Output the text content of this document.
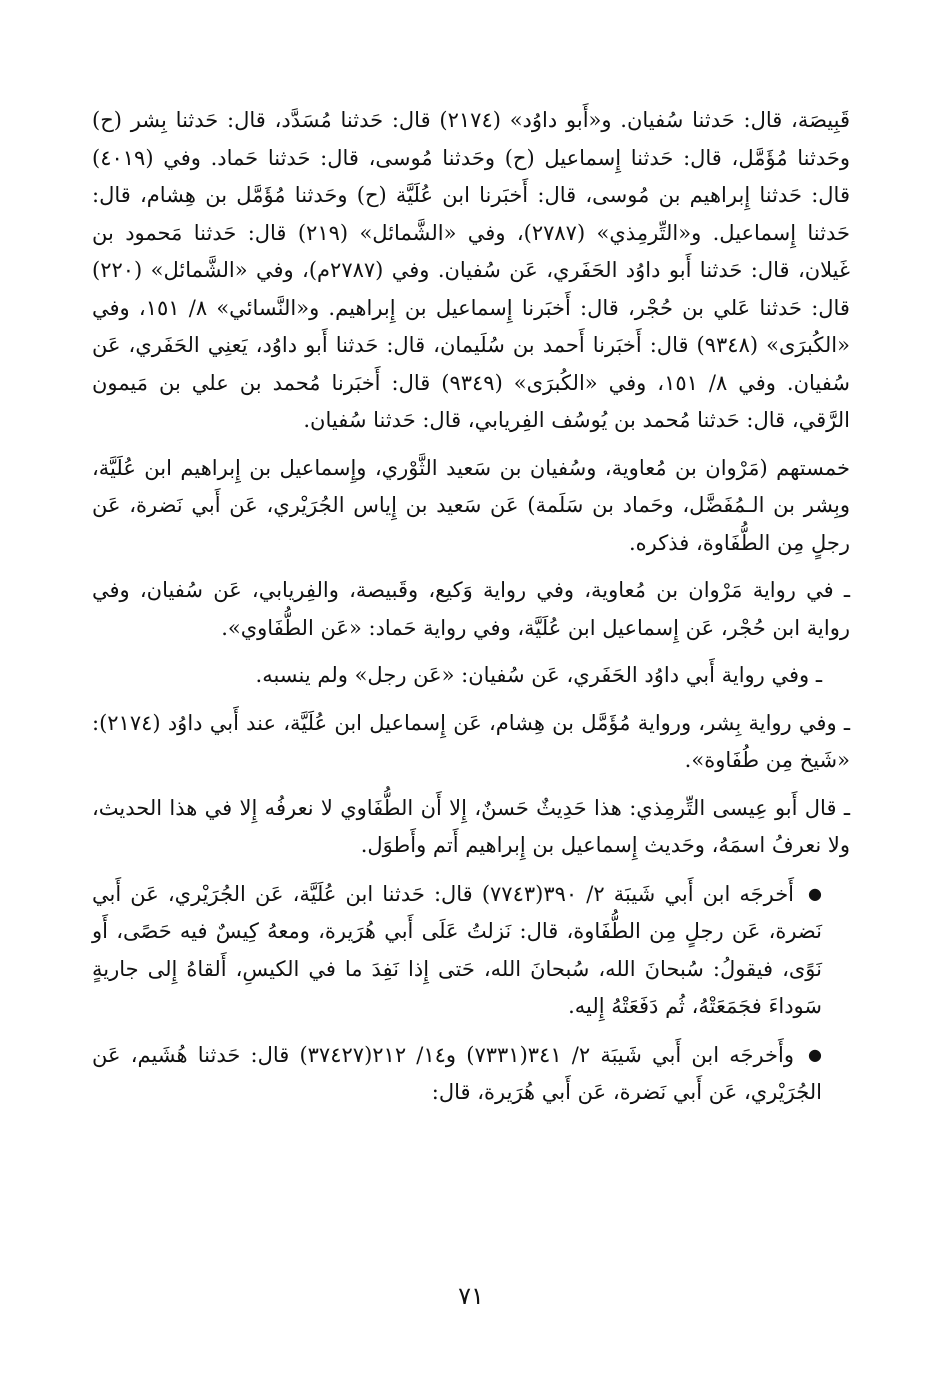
قَبِيصَة، قال: حَدثنا سُفيان. و«أَبو داوُد» (٢١٧٤) قال: حَدثنا مُسَدَّد، قال: حَدثنا بِشر (ح) وحَدثنا مُؤَمَّل، قال: حَدثنا إِسماعيل (ح) وحَدثنا مُوسى، قال: حَدثنا حَماد. وفي (٤٠١٩) قال: حَدثنا إِبراهيم بن مُوسى، قال: أَخبَرنا ابن عُلَيَّة (ح) وحَدثنا مُؤَمَّل بن هِشام، قال: حَدثنا إِسماعيل. و«التِّرمِذي» (٢٧٨٧)، وفي «الشَّمائل» (٢١٩) قال: حَدثنا مَحمود بن غَيلان، قال: حَدثنا أَبو داوُد الحَفَري، عَن سُفيان. وفي (٢٧٨٧م)، وفي «الشَّمائل» (٢٢٠) قال: حَدثنا عَلي بن حُجْر، قال: أَخبَرنا إِسماعيل بن إِبراهيم. و«النَّسائي» ٨/ ١٥١، وفي «الكُبرَى» (٩٣٤٨) قال: أَخبَرنا أَحمد بن سُلَيمان، قال: حَدثنا أَبو داوُد، يَعنِي الحَفَري، عَن سُفيان. وفي ٨/ ١٥١، وفي «الكُبرَى» (٩٣٤٩) قال: أَخبَرنا مُحمد بن علي بن مَيمون الرَّقي، قال: حَدثنا مُحمد بن يُوسُف الفِريابي، قال: حَدثنا سُفيان.

خمستهم (مَرْوان بن مُعاوية، وسُفيان بن سَعيد الثَّوْري، وإِسماعيل بن إِبراهيم ابن عُلَيَّة، وبِشر بن الـمُفَضَّل، وحَماد بن سَلَمة) عَن سَعيد بن إِياس الجُرَيْري، عَن أَبي نَضرة، عَن رجلٍ مِن الطُّفَاوة، فذكره.

ـ في رواية مَرْوان بن مُعاوية، وفي رواية وَكيع، وقَبيصة، والفِريابي، عَن سُفيان، وفي رواية ابن حُجْر، عَن إِسماعيل ابن عُلَيَّة، وفي رواية حَماد: «عَن الطُّفَاوي».

ـ وفي رواية أَبي داوُد الحَفَري، عَن سُفيان: «عَن رجل» ولم ينسبه.

ـ وفي رواية بِشر، ورواية مُؤَمَّل بن هِشام، عَن إِسماعيل ابن عُلَيَّة، عند أَبي داوُد (٢١٧٤): «شَيخ مِن طُفَاوة».

ـ قال أَبو عِيسى التِّرمِذي: هذا حَدِيثٌ حَسنٌ، إِلا أَن الطُّفَاوي لا نعرفُه إِلا في هذا الحديث، ولا نعرفُ اسمَهُ، وحَديث إِسماعيل بن إِبراهيم أَتم وأَطوَل.

●أَخرجَه ابن أَبي شَيبَة ٢/ ٣٩٠(٧٧٤٣) قال: حَدثنا ابن عُلَيَّة، عَن الجُرَيْري، عَن أَبي نَضرة، عَن رجلٍ مِن الطُّفَاوة، قال: نَزلتُ عَلَى أَبي هُرَيرة، ومعهُ كِيسٌ فيه حَصًى، أَو نَوًى، فيقولُ: سُبحانَ الله، سُبحانَ الله، حَتى إِذا نَفِدَ ما في الكيسِ، أَلقاهُ إِلى جاريةٍ سَوداءَ فجَمَعَتْهُ، ثُم دَفَعَتْهُ إِليه.

●وأَخرجَه ابن أَبي شَيبَة ٢/ ٣٤١(٧٣٣١) و١٤/ ٢١٢(٣٧٤٢٧) قال: حَدثنا هُشَيم، عَن الجُرَيْري، عَن أَبي نَضرة، عَن أَبي هُرَيرة، قال:

٧١
